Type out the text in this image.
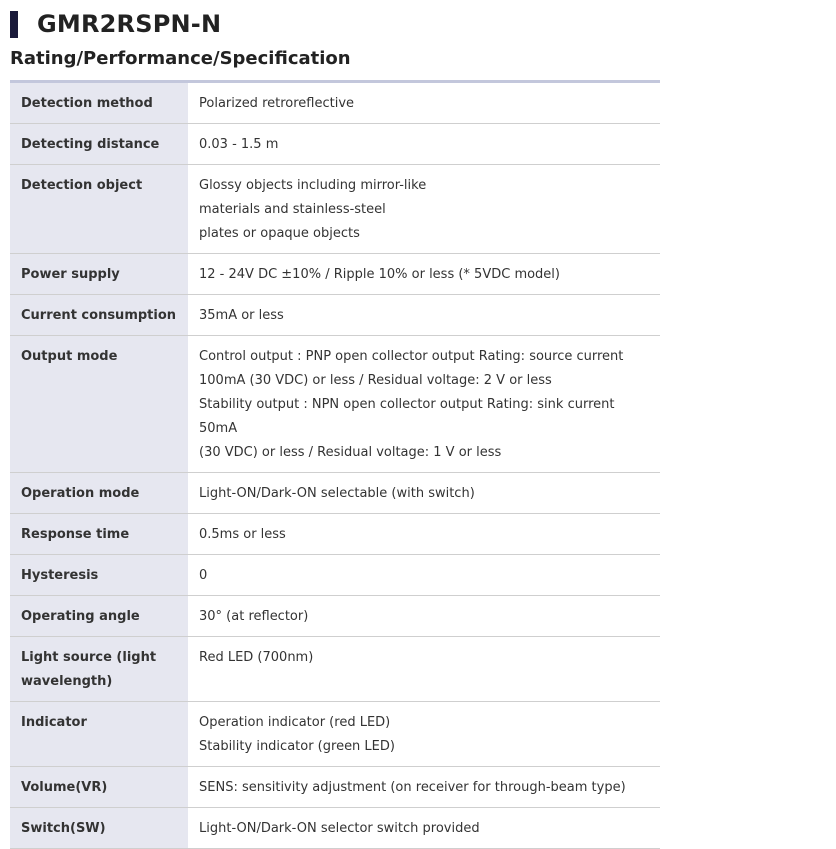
GMR2RSPN-N
Rating/Performance/Specification
Detection method	Polarized retroreflective

Detecting distance	0.03 - 1.5 m

Detection object	Glossy objects including mirror-like
materials and stainless-steel
plates or opaque objects

Power supply	12 - 24V DC ±10% / Ripple 10% or less (* 5VDC model)

Current consumption	35mA or less

Output mode	Control output : PNP open collector output Rating: source current
100mA (30 VDC) or less / Residual voltage: 2 V or less
Stability output : NPN open collector output Rating: sink current 50mA
(30 VDC) or less / Residual voltage: 1 V or less

Operation mode	Light-ON/Dark-ON selectable (with switch)

Response time	0.5ms or less

Hysteresis	0

Operating angle	30° (at reflector)

Light source (light wavelength)	Red LED (700nm)

Indicator	Operation indicator (red LED)
Stability indicator (green LED)

Volume(VR)	SENS: sensitivity adjustment (on receiver for through-beam type)

Switch(SW)	Light-ON/Dark-ON selector switch provided
